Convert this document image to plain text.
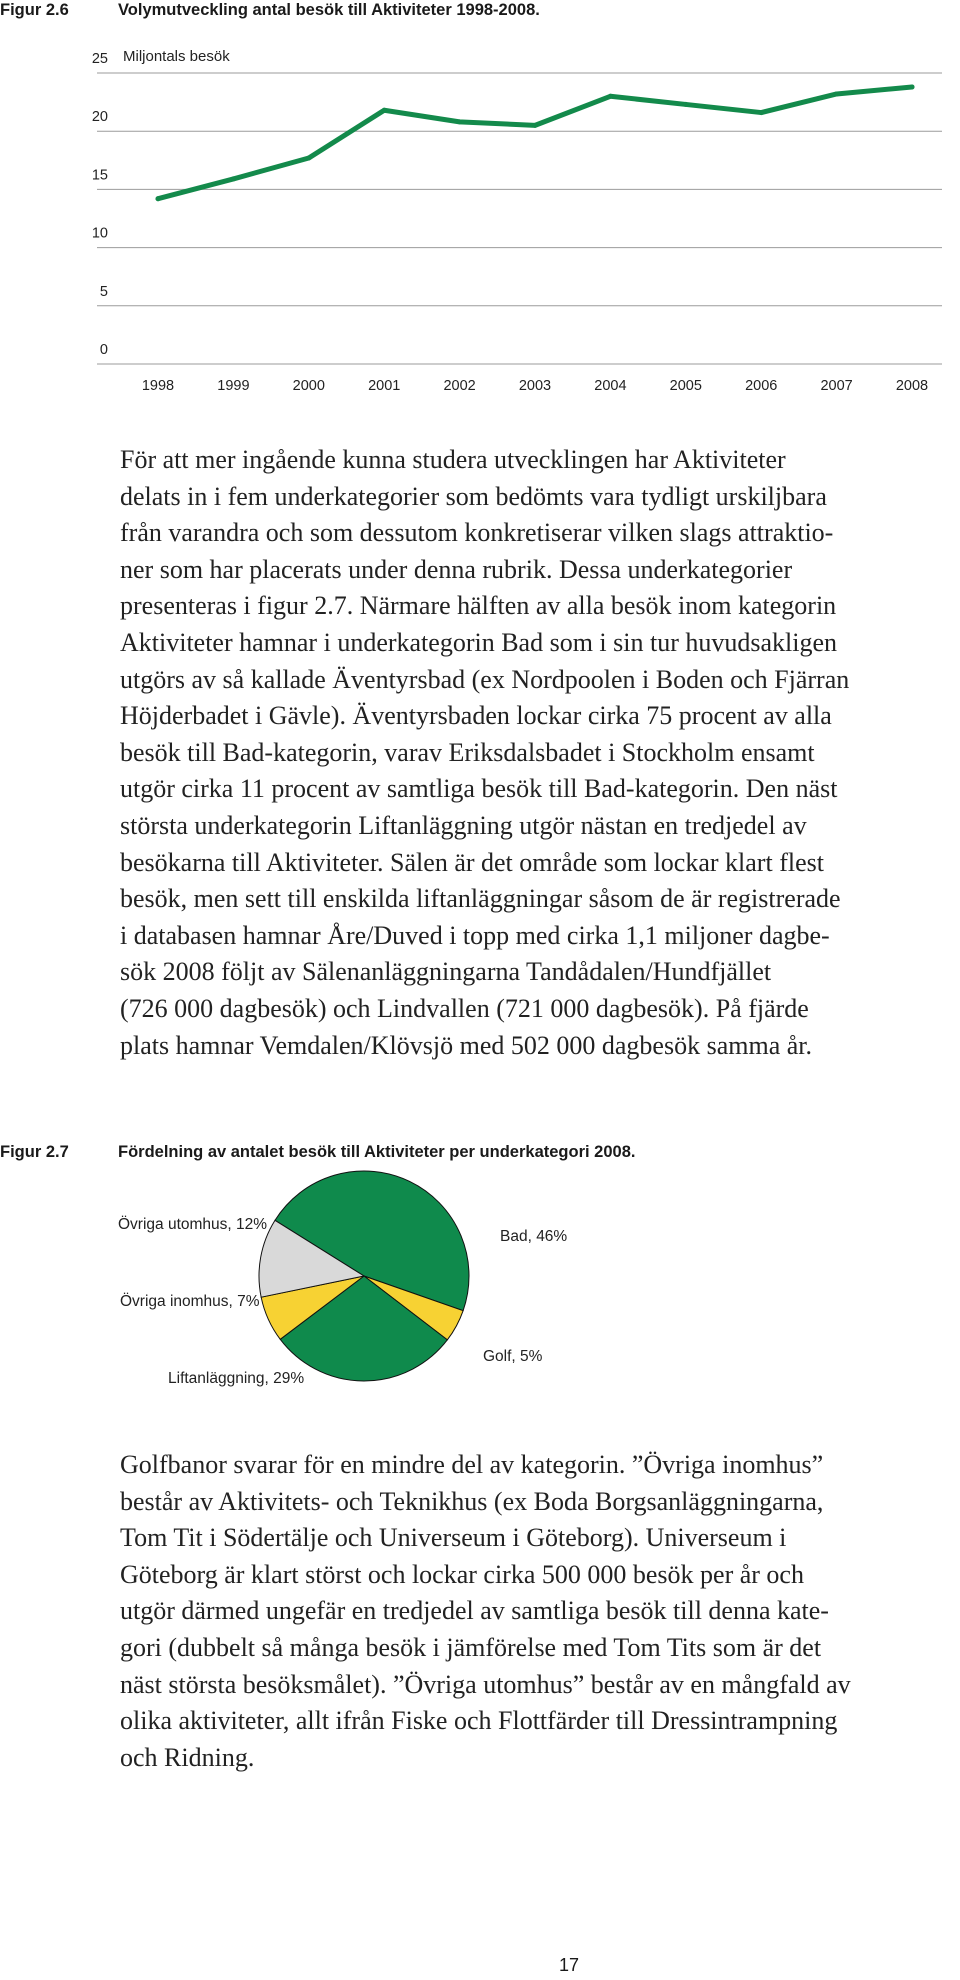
Figur 2.6	Volymutveckling antal besök till Aktiviteter 1998-2008.
0
5
10
15
20
25 Miljontals besök
1998	1999	2000	2001	2002	2003	2004	2005	2006	2007	2008
För att mer ingående kunna studera utvecklingen har Aktiviteter
delats in i fem underkategorier som bedömts vara tydligt urskiljbara
från varandra och som dessutom konkretiserar vilken slags attraktio-
ner som har placerats under denna rubrik. Dessa underkategorier
presenteras i figur 2.7. Närmare hälften av alla besök inom kategorin
Aktiviteter hamnar i underkategorin Bad som i sin tur huvudsakligen
utgörs av så kallade Äventyrsbad (ex Nordpoolen i Boden och Fjärran
Höjderbadet i Gävle). Äventyrsbaden lockar cirka 75 procent av alla
besök till Bad-kategorin, varav Eriksdalsbadet i Stockholm ensamt
utgör cirka 11 procent av samtliga besök till Bad-kategorin. Den näst
största underkategorin Liftanläggning utgör nästan en tredjedel av
besökarna till Aktiviteter. Sälen är det område som lockar klart flest
besök, men sett till enskilda liftanläggningar såsom de är registrerade
i databasen hamnar Åre/Duved i topp med cirka 1,1 miljoner dagbe-
sök 2008 följt av Sälenanläggningarna Tandådalen/Hundfjället
(726 000 dagbesök) och Lindvallen (721 000 dagbesök). På fjärde
plats hamnar Vemdalen/Klövsjö med 502 000 dagbesök samma år.
Figur 2.7	Fördelning av antalet besök till Aktiviteter per underkategori 2008.
Bad, 46%
Golf, 5%
Liftanläggning, 29%
Övriga inomhus, 7%
Övriga utomhus, 12%
Golfbanor svarar för en mindre del av kategorin. ”Övriga inomhus”
består av Aktivitets- och Teknikhus (ex Boda Borgsanläggningarna,
Tom Tit i Södertälje och Universeum i Göteborg). Universeum i
Göteborg är klart störst och lockar cirka 500 000 besök per år och
utgör därmed ungefär en tredjedel av samtliga besök till denna kate-
gori (dubbelt så många besök i jämförelse med Tom Tits som är det
näst största besöksmålet). ”Övriga utomhus” består av en mångfald av
olika aktiviteter, allt ifrån Fiske och Flottfärder till Dressintrampning
och Ridning.
17
